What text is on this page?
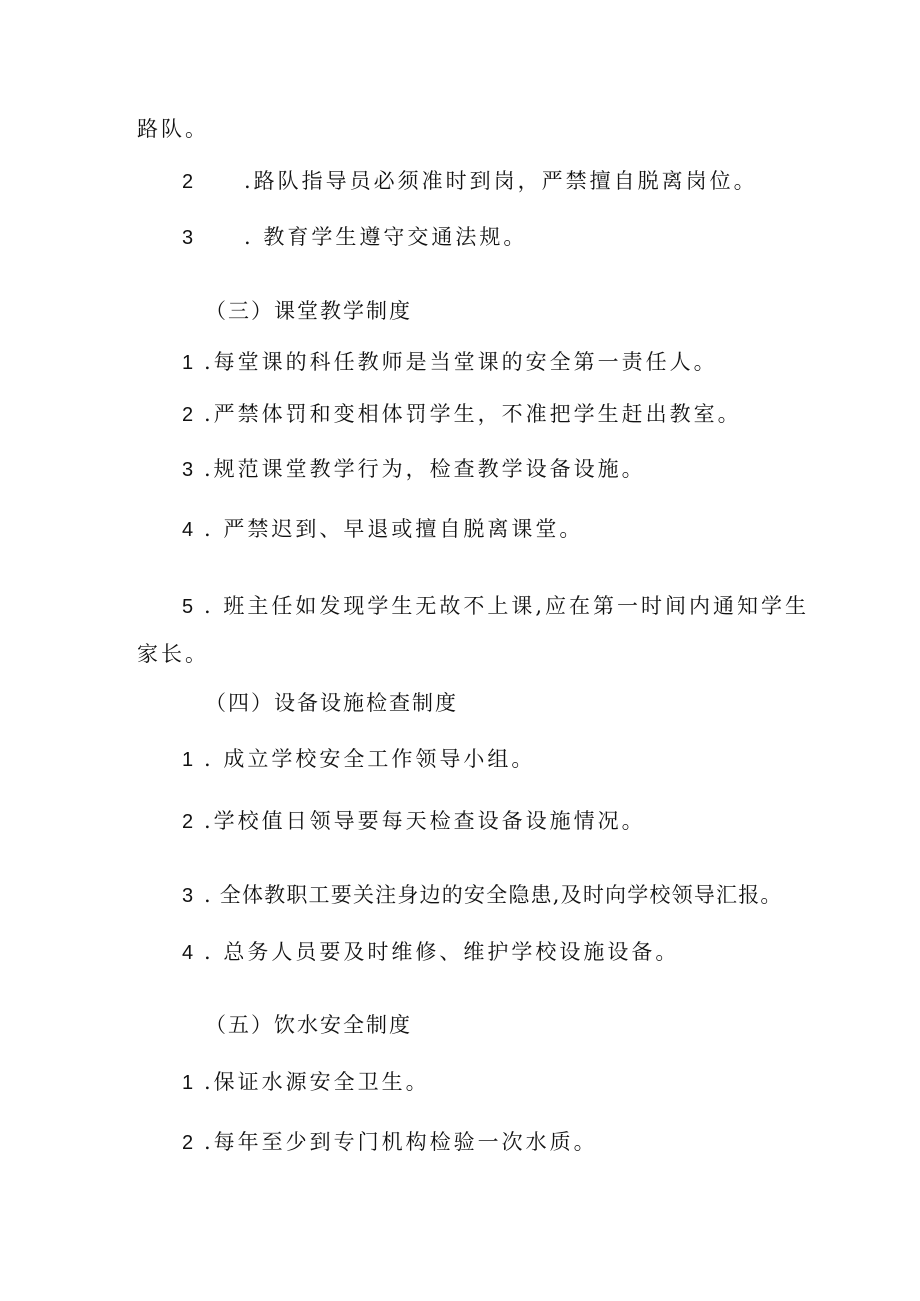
路队。
2 .路队指导员必须准时到岗，严禁擅自脱离岗位。
3 . 教育学生遵守交通法规。
（三）课堂教学制度
1 .每堂课的科任教师是当堂课的安全第一责任人。
2 .严禁体罚和变相体罚学生，不准把学生赶出教室。
3 .规范课堂教学行为，检查教学设备设施。
4 . 严禁迟到、早退或擅自脱离课堂。
5 . 班主任如发现学生无故不上课,应在第一时间内通知学生
家长。
（四）设备设施检查制度
1 . 成立学校安全工作领导小组。
2 .学校值日领导要每天检查设备设施情况。
3 . 全体教职工要关注身边的安全隐患,及时向学校领导汇报。
4 . 总务人员要及时维修、维护学校设施设备。
（五）饮水安全制度
1 .保证水源安全卫生。
2 .每年至少到专门机构检验一次水质。
